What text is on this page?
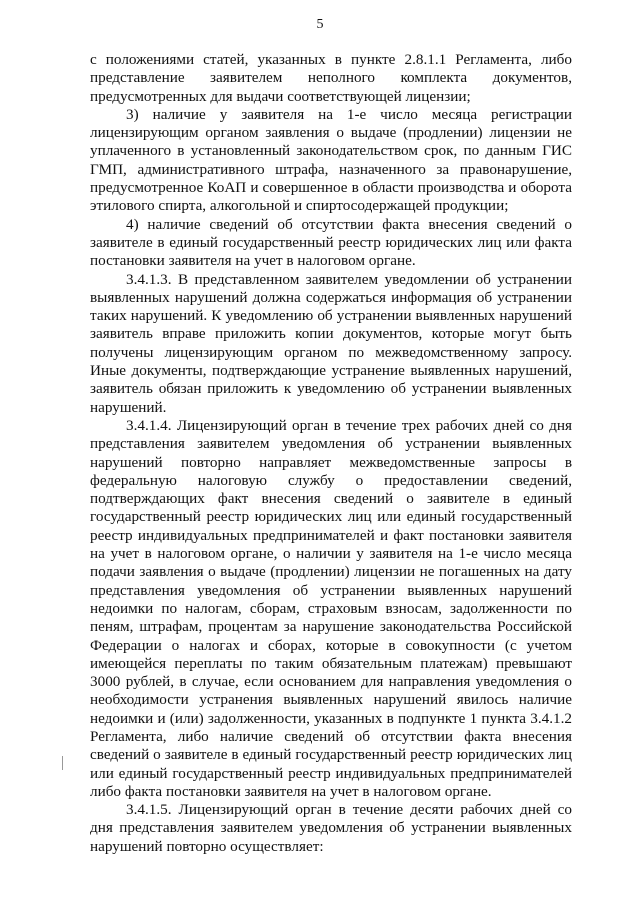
5

с положениями статей, указанных в пункте 2.8.1.1 Регламента, либо представление заявителем неполного комплекта документов, предусмотренных для выдачи соответствующей лицензии;

3) наличие у заявителя на 1-е число месяца регистрации лицензирующим органом заявления о выдаче (продлении) лицензии не уплаченного в установленный законодательством срок, по данным ГИС ГМП, административного штрафа, назначенного за правонарушение, предусмотренное КоАП и совершенное в области производства и оборота этилового спирта, алкогольной и спиртосодержащей продукции;

4) наличие сведений об отсутствии факта внесения сведений о заявителе в единый государственный реестр юридических лиц или факта постановки заявителя на учет в налоговом органе.

3.4.1.3. В представленном заявителем уведомлении об устранении выявленных нарушений должна содержаться информация об устранении таких нарушений. К уведомлению об устранении выявленных нарушений заявитель вправе приложить копии документов, которые могут быть получены лицензирующим органом по межведомственному запросу. Иные документы, подтверждающие устранение выявленных нарушений, заявитель обязан приложить к уведомлению об устранении выявленных нарушений.

3.4.1.4. Лицензирующий орган в течение трех рабочих дней со дня представления заявителем уведомления об устранении выявленных нарушений повторно направляет межведомственные запросы в федеральную налоговую службу о предоставлении сведений, подтверждающих факт внесения сведений о заявителе в единый государственный реестр юридических лиц или единый государственный реестр индивидуальных предпринимателей и факт постановки заявителя на учет в налоговом органе, о наличии у заявителя на 1-е число месяца подачи заявления о выдаче (продлении) лицензии не погашенных на дату представления уведомления об устранении выявленных нарушений недоимки по налогам, сборам, страховым взносам, задолженности по пеням, штрафам, процентам за нарушение законодательства Российской Федерации о налогах и сборах, которые в совокупности (с учетом имеющейся переплаты по таким обязательным платежам) превышают 3000 рублей, в случае, если основанием для направления уведомления о необходимости устранения выявленных нарушений явилось наличие недоимки и (или) задолженности, указанных в подпункте 1 пункта 3.4.1.2 Регламента, либо наличие сведений об отсутствии факта внесения сведений о заявителе в единый государственный реестр юридических лиц или единый государственный реестр индивидуальных предпринимателей либо факта постановки заявителя на учет в налоговом органе.

3.4.1.5. Лицензирующий орган в течение десяти рабочих дней со дня представления заявителем уведомления об устранении выявленных нарушений повторно осуществляет:
